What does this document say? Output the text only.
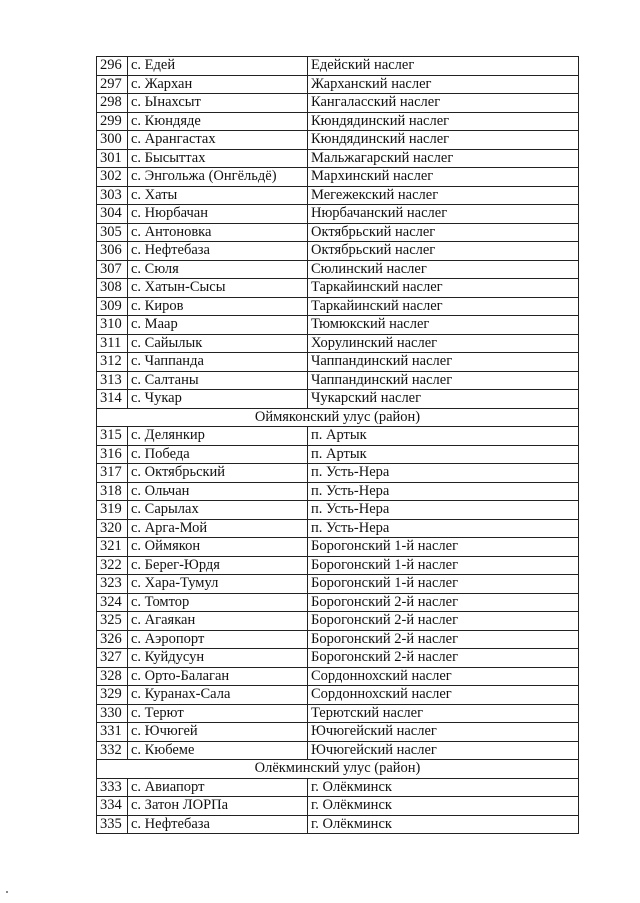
296	с. Едей	Едейский наслег
297	с. Жархан	Жарханский наслег
298	с. Ынахсыт	Кангаласский наслег
299	с. Кюндяде	Кюндядинский наслег
300	с. Арангастах	Кюндядинский наслег
301	с. Бысыттах	Мальжагарский наслег
302	с. Энгольжа (Онгёльдё)	Мархинский наслег
303	с. Хаты	Мегежекский наслег
304	с. Нюрбачан	Нюрбачанский наслег
305	с. Антоновка	Октябрьский наслег
306	с. Нефтебаза	Октябрьский наслег
307	с. Сюля	Сюлинский наслег
308	с. Хатын-Сысы	Таркайинский наслег
309	с. Киров	Таркайинский наслег
310	с. Маар	Тюмюкский наслег
311	с. Сайылык	Хорулинский наслег
312	с. Чаппанда	Чаппандинский наслег
313	с. Салтаны	Чаппандинский наслег
314	с. Чукар	Чукарский наслег
Оймяконский улус (район)		
315	с. Делянкир	п. Артык
316	с. Победа	п. Артык
317	с. Октябрьский	п. Усть-Нера
318	с. Ольчан	п. Усть-Нера
319	с. Сарылах	п. Усть-Нера
320	с. Арга-Мой	п. Усть-Нера
321	с. Оймякон	Борогонский 1-й наслег
322	с. Берег-Юрдя	Борогонский 1-й наслег
323	с. Хара-Тумул	Борогонский 1-й наслег
324	с. Томтор	Борогонский 2-й наслег
325	с. Агаякан	Борогонский 2-й наслег
326	с. Аэропорт	Борогонский 2-й наслег
327	с. Куйдусун	Борогонский 2-й наслег
328	с. Орто-Балаган	Сордоннохский наслег
329	с. Куранах-Сала	Сордоннохский наслег
330	с. Терют	Терютский наслег
331	с. Ючюгей	Ючюгейский наслег
332	с. Кюбеме	Ючюгейский наслег
Олёкминский улус (район)		
333	с. Авиапорт	г. Олёкминск
334	с. Затон ЛОРПа	г. Олёкминск
335	с. Нефтебаза	г. Олёкминск
